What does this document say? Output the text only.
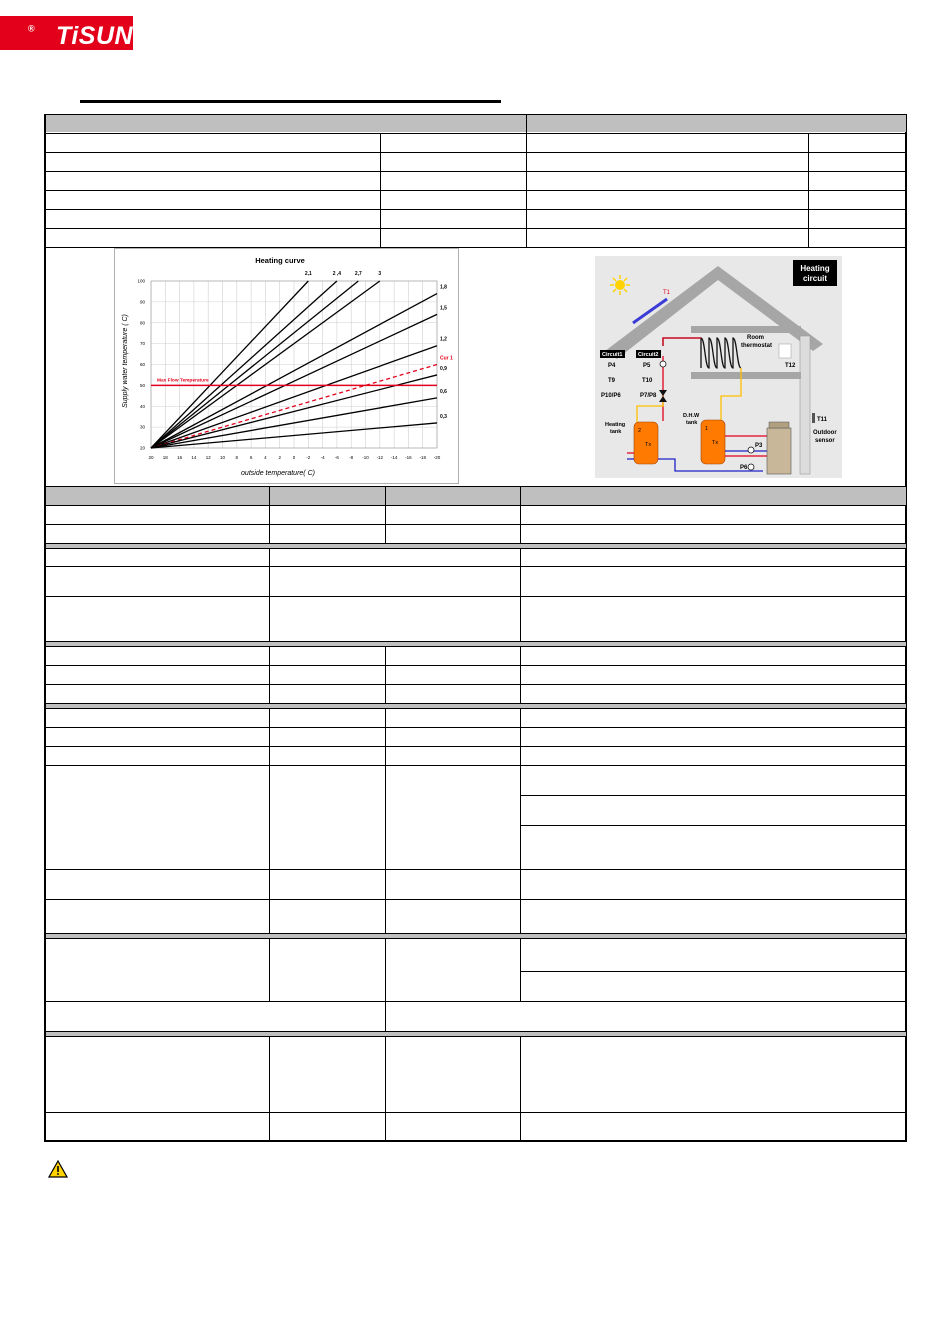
TiSUN
®
Heating curve
outside temperature( C)
Supply water temperature ( C)
20 18 16 14 12 10 8	6	4	2	0 -2 -4 -6 -8 -10 -12 -14 -16 -18 -20
20
30
40
50
60
70
80
90
100
3
2,7
2 ,4
2,1
1,8
1,5
1,2
Cur 1
0,9
0,6
0,3
Max Flow Temperature
Heating
circuit
T1
Room
thermostat
T12
Circuit1	Circuit2
P4	P5
T9	T10
P10/P6	P7/P8
D.H.W
tank
Heating
tank	2
Tx
1
Tx	P3
P6
T11
Outdoor
sensor
